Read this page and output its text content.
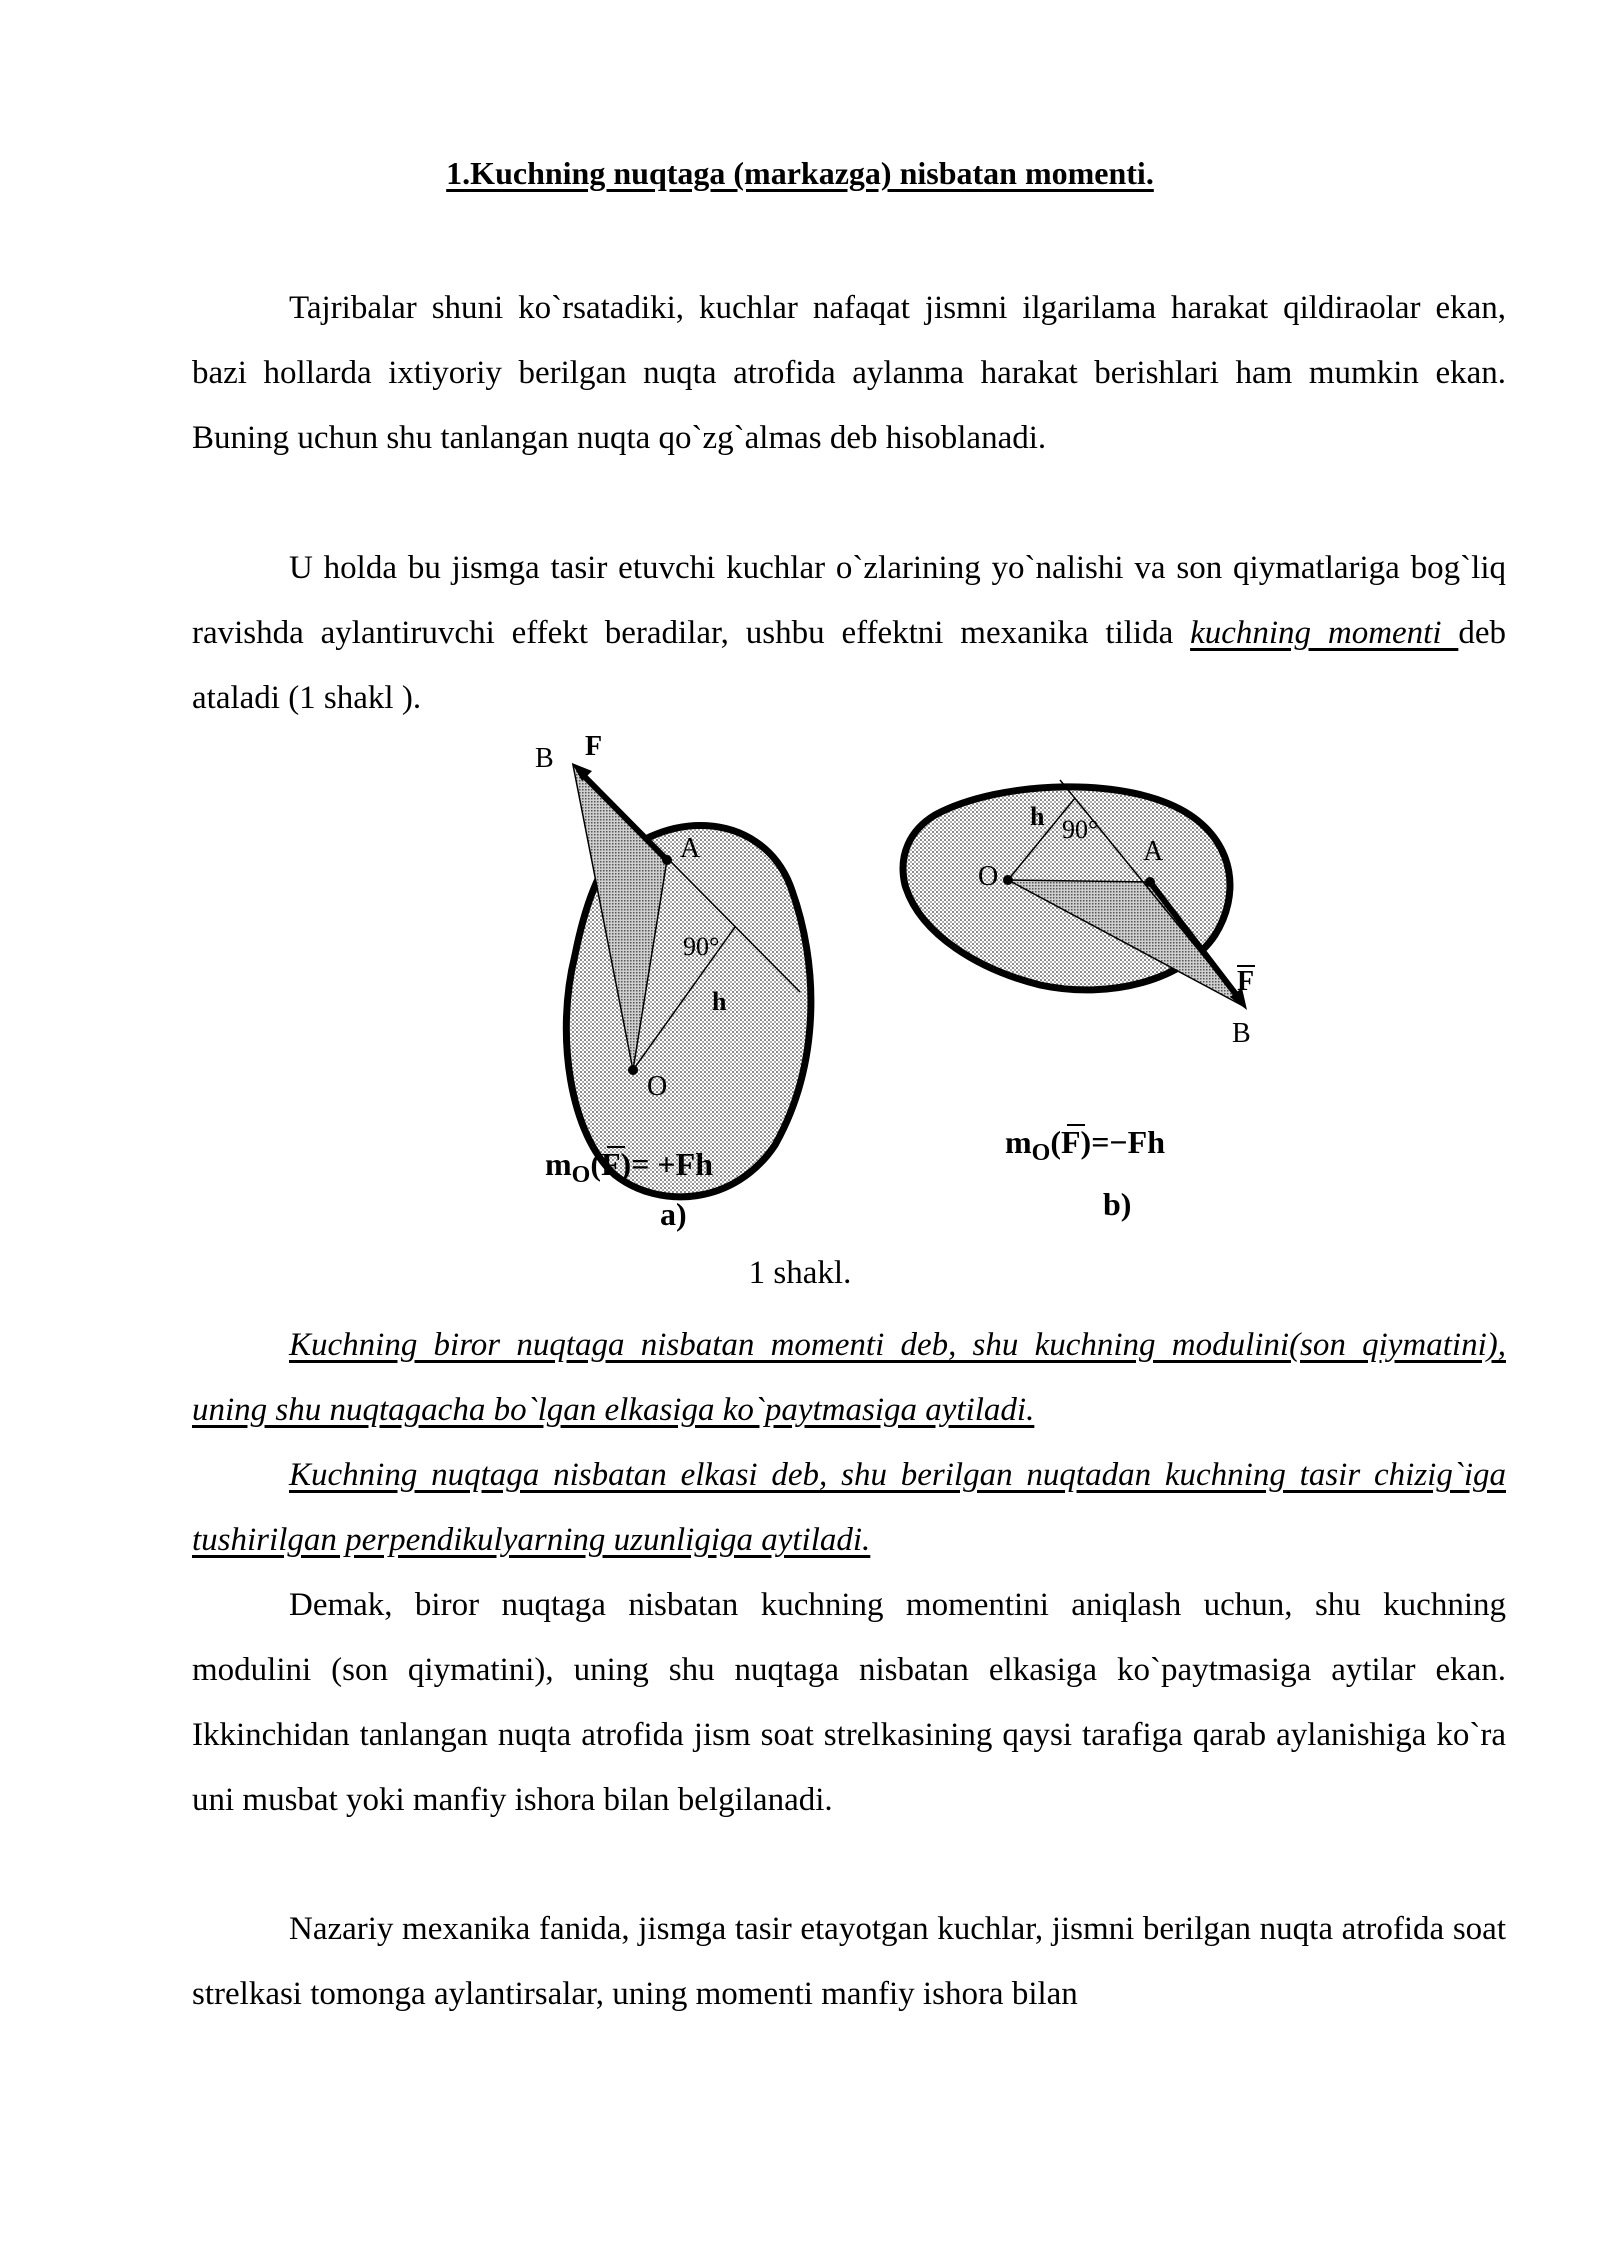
1.Kuchning nuqtaga (markazga) nisbatan momenti.

Tajribalar shuni ko`rsatadiki, kuchlar nafaqat jismni ilgarilama harakat qildiraolar ekan, bazi hollarda ixtiyoriy berilgan nuqta atrofida aylanma harakat berishlari ham mumkin ekan. Buning uchun shu tanlangan nuqta qo`zg`almas deb hisoblanadi.

U holda bu jismga tasir etuvchi kuchlar o`zlarining yo`nalishi va son qiymatlariga bog`liq ravishda aylantiruvchi effekt beradilar, ushbu effektni mexanika tilida kuchning momenti deb ataladi (1 shakl ).

B F
A
O
90°
h
$m_O(F)= +Fh$
a)
h 90°
O
A
F
B
$m_O(F)=-Fh$
b)
1 shakl.

Kuchning biror nuqtaga nisbatan momenti deb, shu kuchning modulini(son qiymatini), uning shu nuqtagacha bo`lgan elkasiga ko`paytmasiga aytiladi.

Kuchning nuqtaga nisbatan elkasi deb, shu berilgan nuqtadan kuchning tasir chizig`iga tushirilgan perpendikulyarning uzunligiga aytiladi.

Demak, biror nuqtaga nisbatan kuchning momentini aniqlash uchun, shu kuchning modulini (son qiymatini), uning shu nuqtaga nisbatan elkasiga ko`paytmasiga aytilar ekan. Ikkinchidan tanlangan nuqta atrofida jism soat strelkasining qaysi tarafiga qarab aylanishiga ko`ra uni musbat yoki manfiy ishora bilan belgilanadi.

Nazariy mexanika fanida, jismga tasir etayotgan kuchlar, jismni berilgan nuqta atrofida soat strelkasi tomonga aylantirsalar, uning momenti manfiy ishora bilan
